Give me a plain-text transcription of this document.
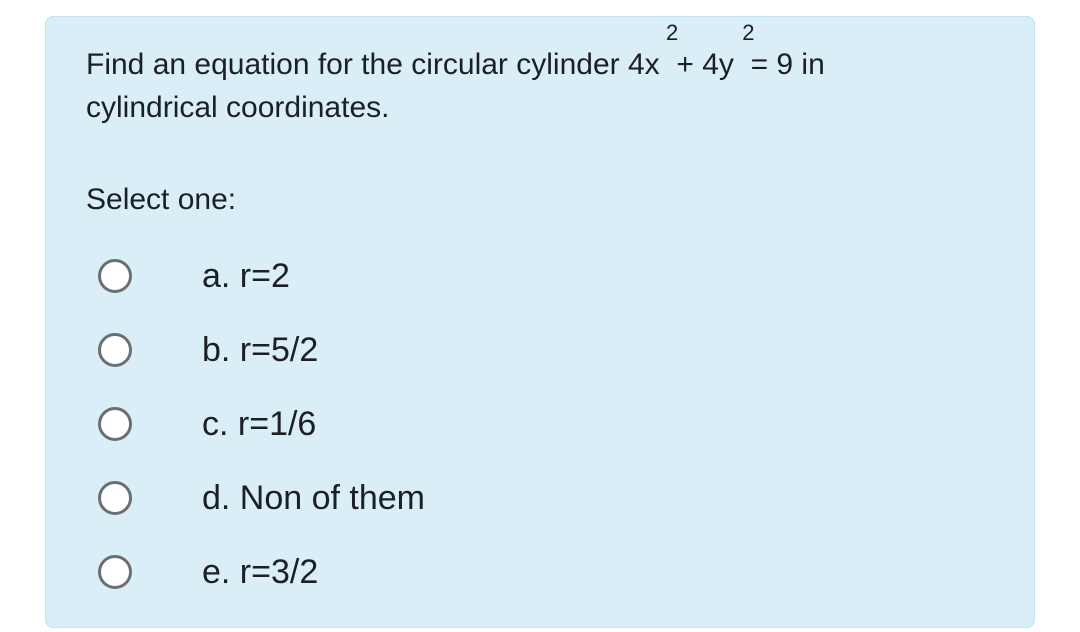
Find an equation for the circular cylinder 4x
2
+ 4y
2
= 9 in
cylindrical coordinates.

Select one:

a. r=2
b. r=5/2
c. r=1/6
d. Non of them
e. r=3/2
